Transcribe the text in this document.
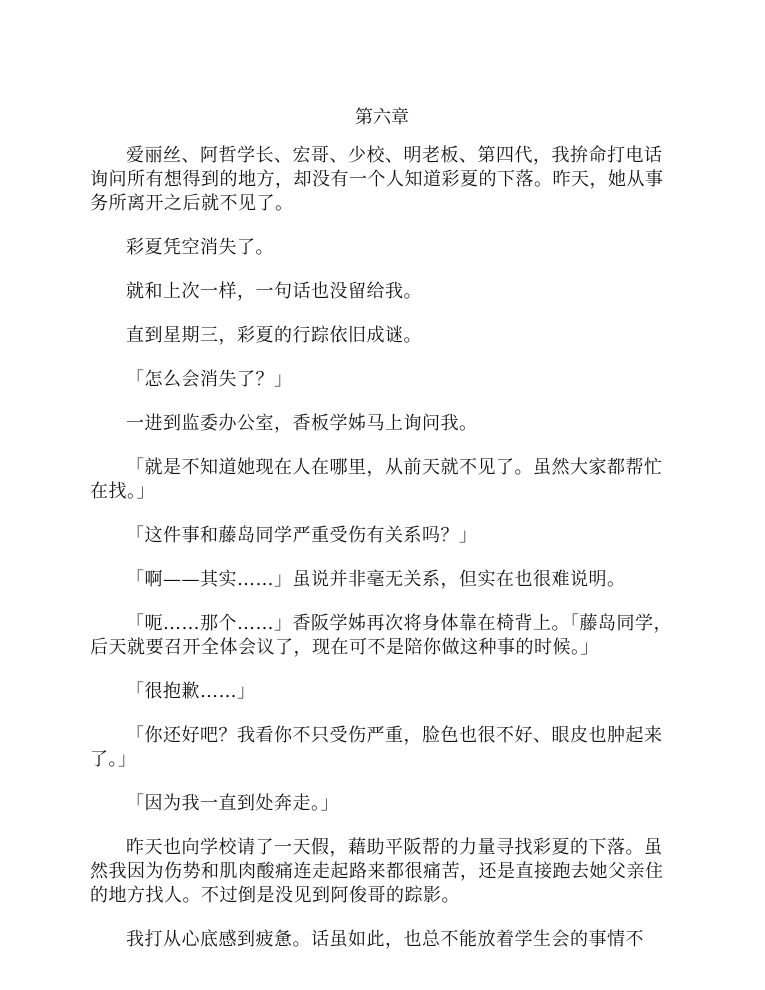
第六章

爱丽丝、阿哲学长、宏哥、少校、明老板、第四代，我拚命打电话询问所有想得到的地方，却没有一个人知道彩夏的下落。昨天，她从事务所离开之后就不见了。

彩夏凭空消失了。

就和上次一样，一句话也没留给我。

直到星期三，彩夏的行踪依旧成谜。

「怎么会消失了？」

一进到监委办公室，香板学姊马上询问我。

「就是不知道她现在人在哪里，从前天就不见了。虽然大家都帮忙在找。」

「这件事和藤岛同学严重受伤有关系吗？」

「啊——其实……」虽说并非毫无关系，但实在也很难说明。

「呃……那个……」香阪学姊再次将身体靠在椅背上。「藤岛同学，后天就要召开全体会议了，现在可不是陪你做这种事的时候。」

「很抱歉……」

「你还好吧？我看你不只受伤严重，脸色也很不好、眼皮也肿起来了。」

「因为我一直到处奔走。」

昨天也向学校请了一天假，藉助平阪帮的力量寻找彩夏的下落。虽然我因为伤势和肌肉酸痛连走起路来都很痛苦，还是直接跑去她父亲住的地方找人。不过倒是没见到阿俊哥的踪影。

我打从心底感到疲惫。话虽如此，也总不能放着学生会的事情不
